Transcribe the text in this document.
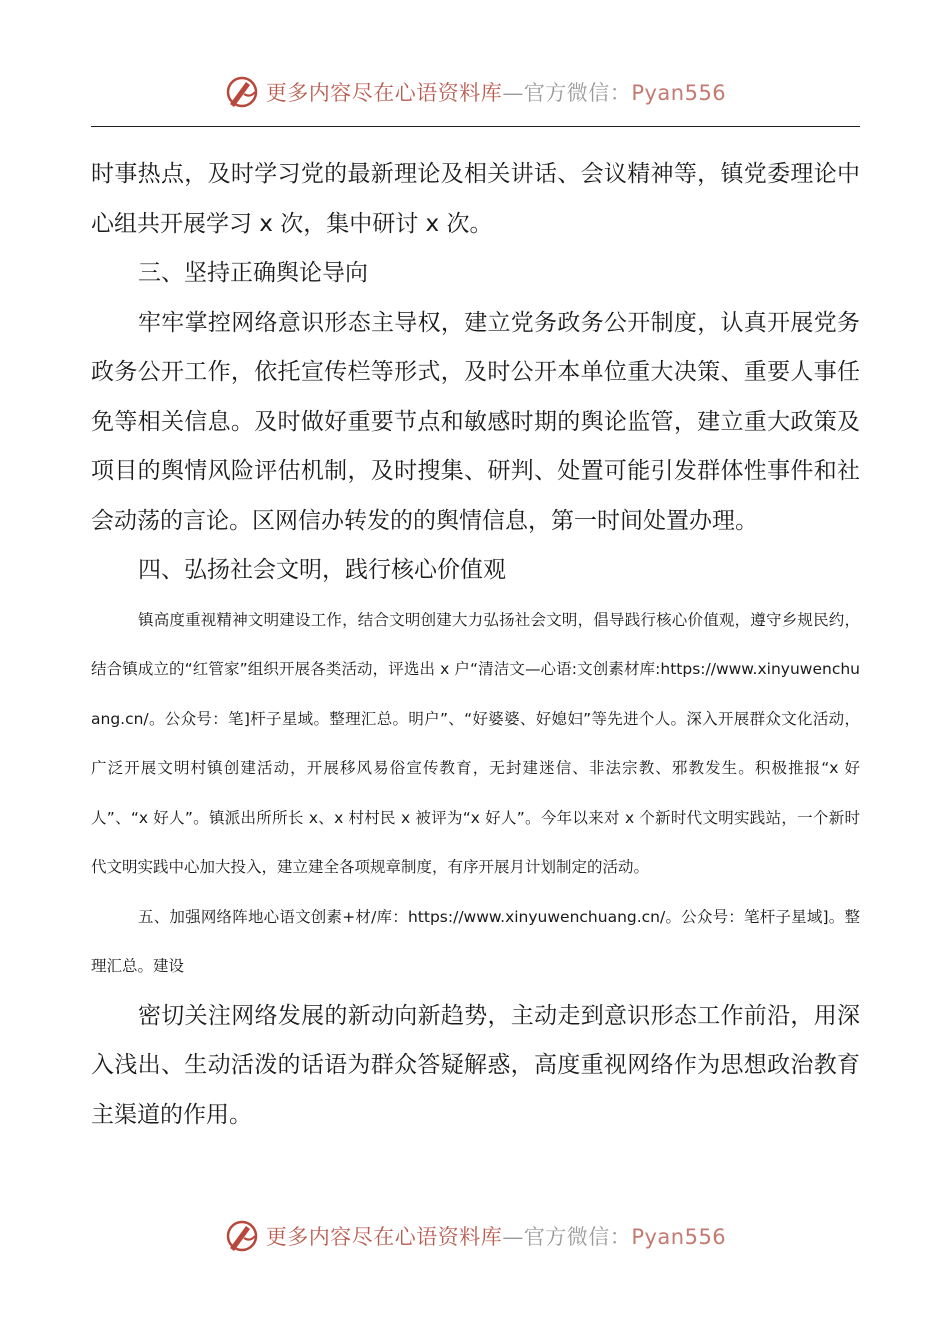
更多内容尽在心语资料库—官方微信：Pyan556

时事热点，及时学习党的最新理论及相关讲话、会议精神等，镇党委理论中心组共开展学习 x 次，集中研讨 x 次。

三、坚持正确舆论导向

牢牢掌控网络意识形态主导权，建立党务政务公开制度，认真开展党务政务公开工作，依托宣传栏等形式，及时公开本单位重大决策、重要人事任免等相关信息。及时做好重要节点和敏感时期的舆论监管，建立重大政策及项目的舆情风险评估机制，及时搜集、研判、处置可能引发群体性事件和社会动荡的言论。区网信办转发的的舆情信息，第一时间处置办理。

四、弘扬社会文明，践行核心价值观

镇高度重视精神文明建设工作，结合文明创建大力弘扬社会文明，倡导践行核心价值观，遵守乡规民约，结合镇成立的“红管家”组织开展各类活动，评选出 x 户“清洁文—心语:文创素材库:https://www.xinyuwenchuang.cn/。公众号：笔]杆子星域。整理汇总。明户”、“好婆婆、好媳妇”等先进个人。深入开展群众文化活动，广泛开展文明村镇创建活动，开展移风易俗宣传教育，无封建迷信、非法宗教、邪教发生。积极推报“x 好人”、“x 好人”。镇派出所所长 x、x 村村民 x 被评为“x 好人”。今年以来对 x 个新时代文明实践站，一个新时代文明实践中心加大投入，建立建全各项规章制度，有序开展月计划制定的活动。

五、加强网络阵地心语文创素+材/库：https://www.xinyuwenchuang.cn/。公众号：笔杆子星域]。整理汇总。建设

密切关注网络发展的新动向新趋势，主动走到意识形态工作前沿，用深入浅出、生动活泼的话语为群众答疑解惑，高度重视网络作为思想政治教育主渠道的作用。

更多内容尽在心语资料库—官方微信：Pyan556
